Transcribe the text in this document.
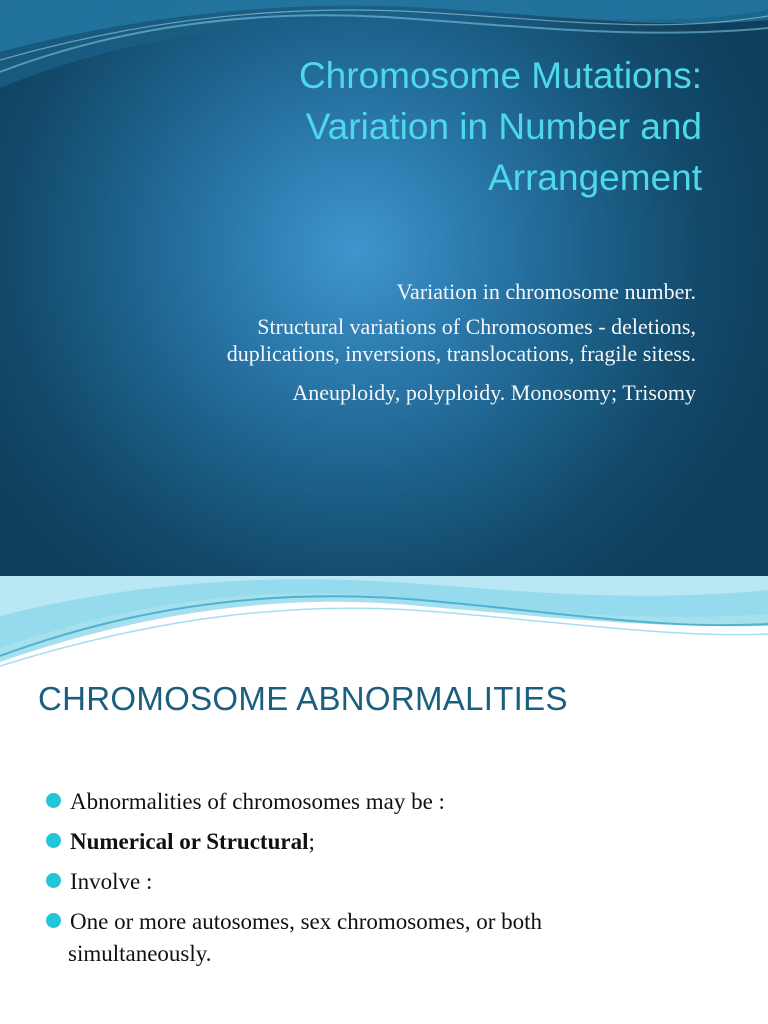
Chromosome Mutations:
Variation in Number and
Arrangement
Variation in chromosome number.
Structural variations of Chromosomes - deletions,
duplications, inversions, translocations, fragile sitess.
Aneuploidy, polyploidy. Monosomy; Trisomy
CHROMOSOME ABNORMALITIES
Abnormalities of chromosomes may be :
Numerical or Structural;
Involve :
One or more autosomes, sex chromosomes, or both
simultaneously.
